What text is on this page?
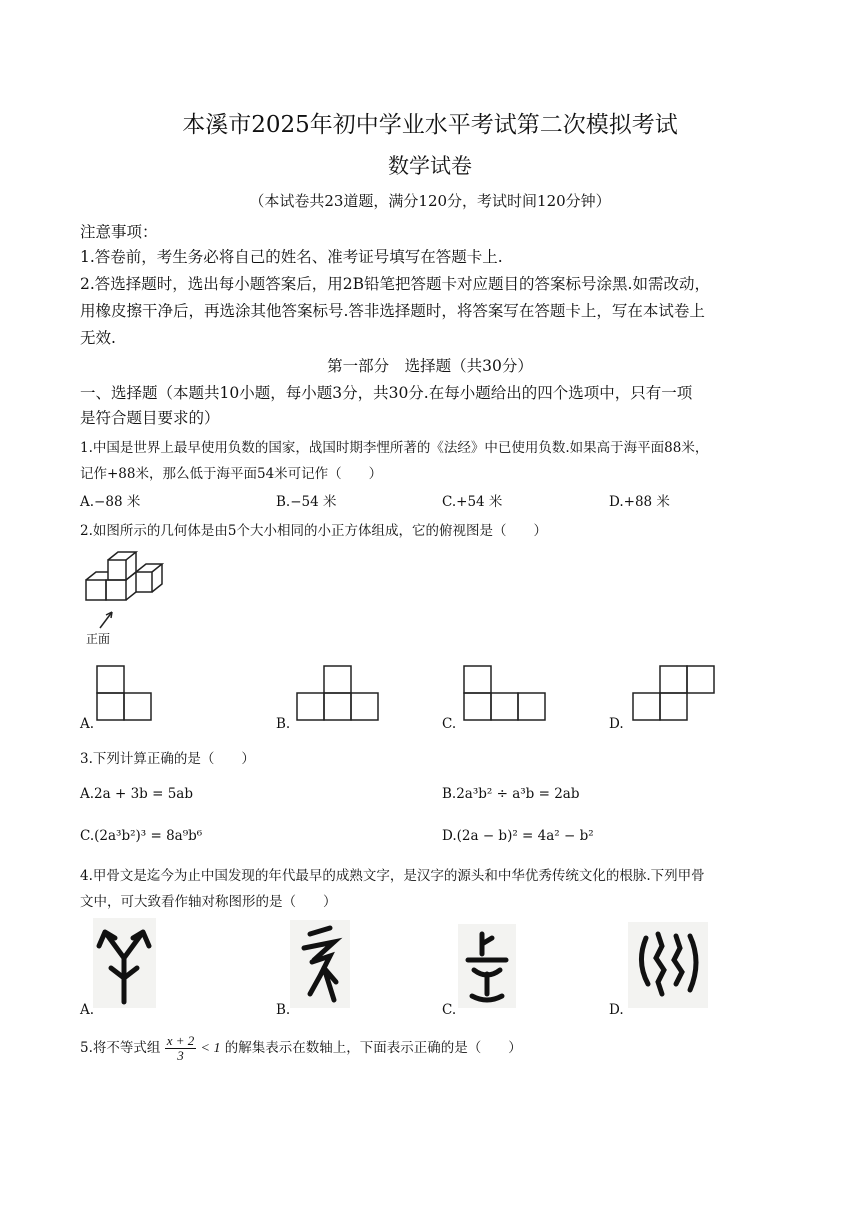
本溪市2025年初中学业水平考试第二次模拟考试
数学试卷
（本试卷共23道题，满分120分，考试时间120分钟）
注意事项：
1.答卷前，考生务必将自己的姓名、准考证号填写在答题卡上.
2.答选择题时，选出每小题答案后，用2B铅笔把答题卡对应题目的答案标号涂黑.如需改动，
用橡皮擦干净后，再选涂其他答案标号.答非选择题时，将答案写在答题卡上，写在本试卷上
无效.
第一部分　选择题（共30分）
一、选择题（本题共10小题，每小题3分，共30分.在每小题给出的四个选项中，只有一项
是符合题目要求的）
1.中国是世界上最早使用负数的国家，战国时期李悝所著的《法经》中已使用负数.如果高于海平面88米，
记作+88米，那么低于海平面54米可记作（　　）
A.−88 米	B.−54 米	C.+54 米	D.+88 米
2.如图所示的几何体是由5个大小相同的小正方体组成，它的俯视图是（　　）
正面
A.	B.	C.	D.
3.下列计算正确的是（　　）
A.2a + 3b = 5ab	B.2a³b² ÷ a³b = 2ab
C.(2a³b²)³ = 8a⁹b⁶	D.(2a − b)² = 4a² − b²
4.甲骨文是迄今为止中国发现的年代最早的成熟文字，是汉字的源头和中华优秀传统文化的根脉.下列甲骨
文中，可大致看作轴对称图形的是（　　）
A.	B.	C.	D.
5.将不等式组 $\frac{x + 2}{3} < 1$ 的解集表示在数轴上，下面表示正确的是（　　）
